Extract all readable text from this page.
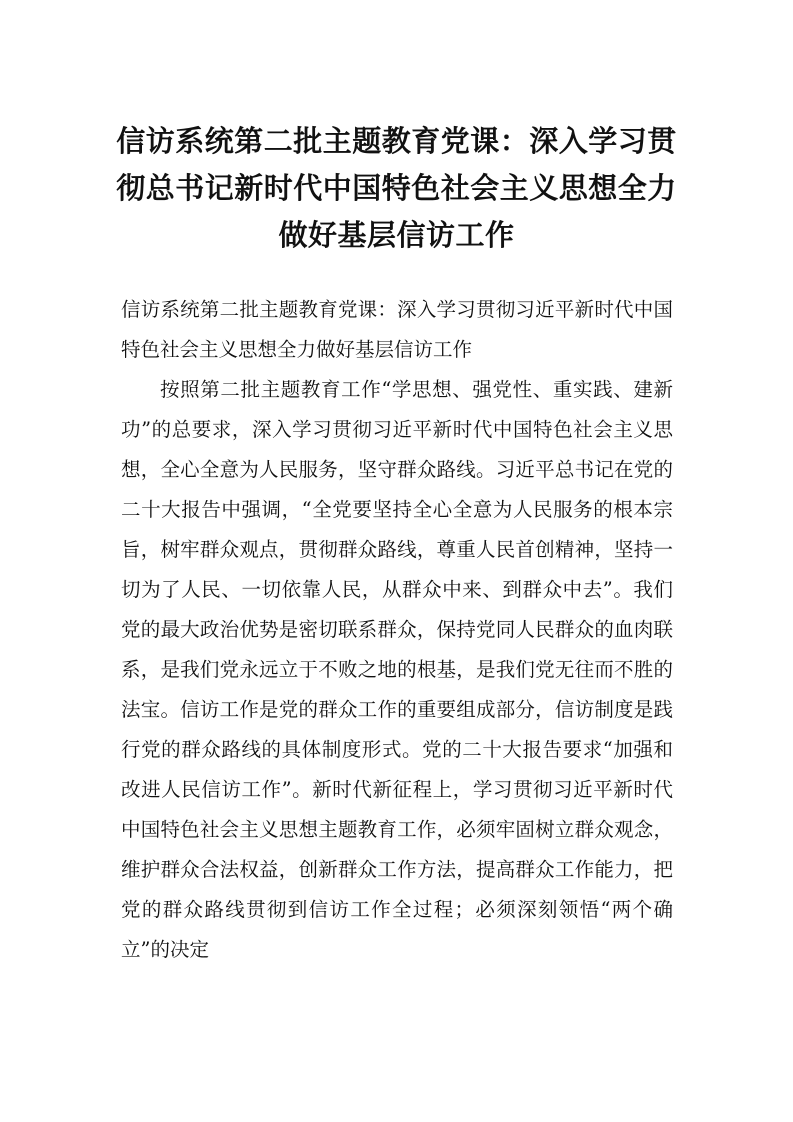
信访系统第二批主题教育党课：深入学习贯彻总书记新时代中国特色社会主义思想全力做好基层信访工作

信访系统第二批主题教育党课：深入学习贯彻习近平新时代中国特色社会主义思想全力做好基层信访工作

按照第二批主题教育工作“学思想、强党性、重实践、建新功”的总要求，深入学习贯彻习近平新时代中国特色社会主义思想，全心全意为人民服务，坚守群众路线。习近平总书记在党的二十大报告中强调，“全党要坚持全心全意为人民服务的根本宗旨，树牢群众观点，贯彻群众路线，尊重人民首创精神，坚持一切为了人民、一切依靠人民，从群众中来、到群众中去”。我们党的最大政治优势是密切联系群众，保持党同人民群众的血肉联系，是我们党永远立于不败之地的根基，是我们党无往而不胜的法宝。信访工作是党的群众工作的重要组成部分，信访制度是践行党的群众路线的具体制度形式。党的二十大报告要求“加强和改进人民信访工作”。新时代新征程上，学习贯彻习近平新时代中国特色社会主义思想主题教育工作，必须牢固树立群众观念，维护群众合法权益，创新群众工作方法，提高群众工作能力，把党的群众路线贯彻到信访工作全过程；必须深刻领悟“两个确立”的决定
